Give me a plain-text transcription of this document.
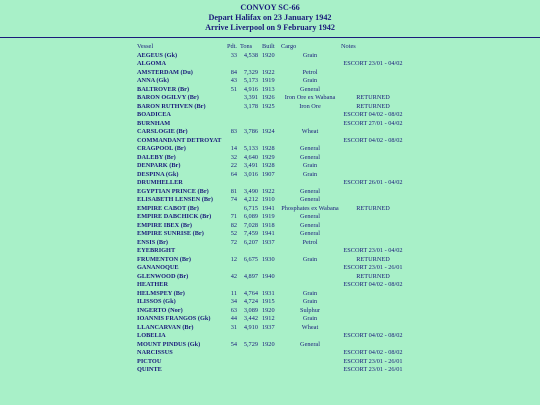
CONVOY SC-66
Depart Halifax on 23 January 1942
Arrive Liverpool on 9 February 1942
Vessel	Pdt. Tons Built Cargo	Notes
AEGEUS (Gk)	33 4,538 1920	Grain
ALGOMA	ESCORT 23/01 - 04/02
AMSTERDAM (Du)	84 7,329 1922	Petrol
ANNA (Gk)	43 5,173 1919	Grain
BALTROVER (Br)	51 4,916 1913	General
BARON OGILVY (Br)	3,391 1926	Iron Ore ex Wabana	RETURNED
BARON RUTHVEN (Br)	3,178 1925	Iron Ore	RETURNED
BOADICEA	ESCORT 04/02 - 08/02
BURNHAM	ESCORT 27/01 - 04/02
CARSLOGIE (Br)	83 3,786 1924	Wheat
COMMANDANT DETROYAT	ESCORT 04/02 - 08/02
CRAGPOOL (Br)	14 5,133 1928	General
DALEBY (Br)	32 4,640 1929	General
DENPARK (Br)	22 3,491 1928	Grain
DESPINA (Gk)	64 3,016 1907	Grain
DRUMHELLER	ESCORT 26/01 - 04/02
EGYPTIAN PRINCE (Br)	81 3,490 1922	General
ELISABETH LENSEN (Br)	74 4,212 1910	General
EMPIRE CABOT (Br)	6,715 1941 Phosphates ex Wabana	RETURNED
EMPIRE DABCHICK (Br)	71 6,089 1919	General
EMPIRE IBEX (Br)	82 7,028 1918	General
EMPIRE SUNRISE (Br)	52 7,459 1941	General
ENSIS (Br)	72 6,207 1937	Petrol
EYEBRIGHT	ESCORT 23/01 - 04/02
FRUMENTON (Br)	12 6,675 1930	Grain	RETURNED
GANANOQUE	ESCORT 23/01 - 26/01
GLENWOOD (Br)	42 4,897 1940	RETURNED
HEATHER	ESCORT 04/02 - 08/02
HELMSPEY (Br)	11 4,764 1931	Grain
ILISSOS (Gk)	34 4,724 1915	Grain
INGERTO (Nor)	63 3,089 1920	Sulphur
IOANNIS FRANGOS (Gk)	44 3,442 1912	Grain
LLANCARVAN (Br)	31 4,910 1937	Wheat
LOBELIA	ESCORT 04/02 - 08/02
MOUNT PINDUS (Gk)	54 5,729 1920	General
NARCISSUS	ESCORT 04/02 - 08/02
PICTOU	ESCORT 23/01 - 26/01
QUINTE	ESCORT 23/01 - 26/01
